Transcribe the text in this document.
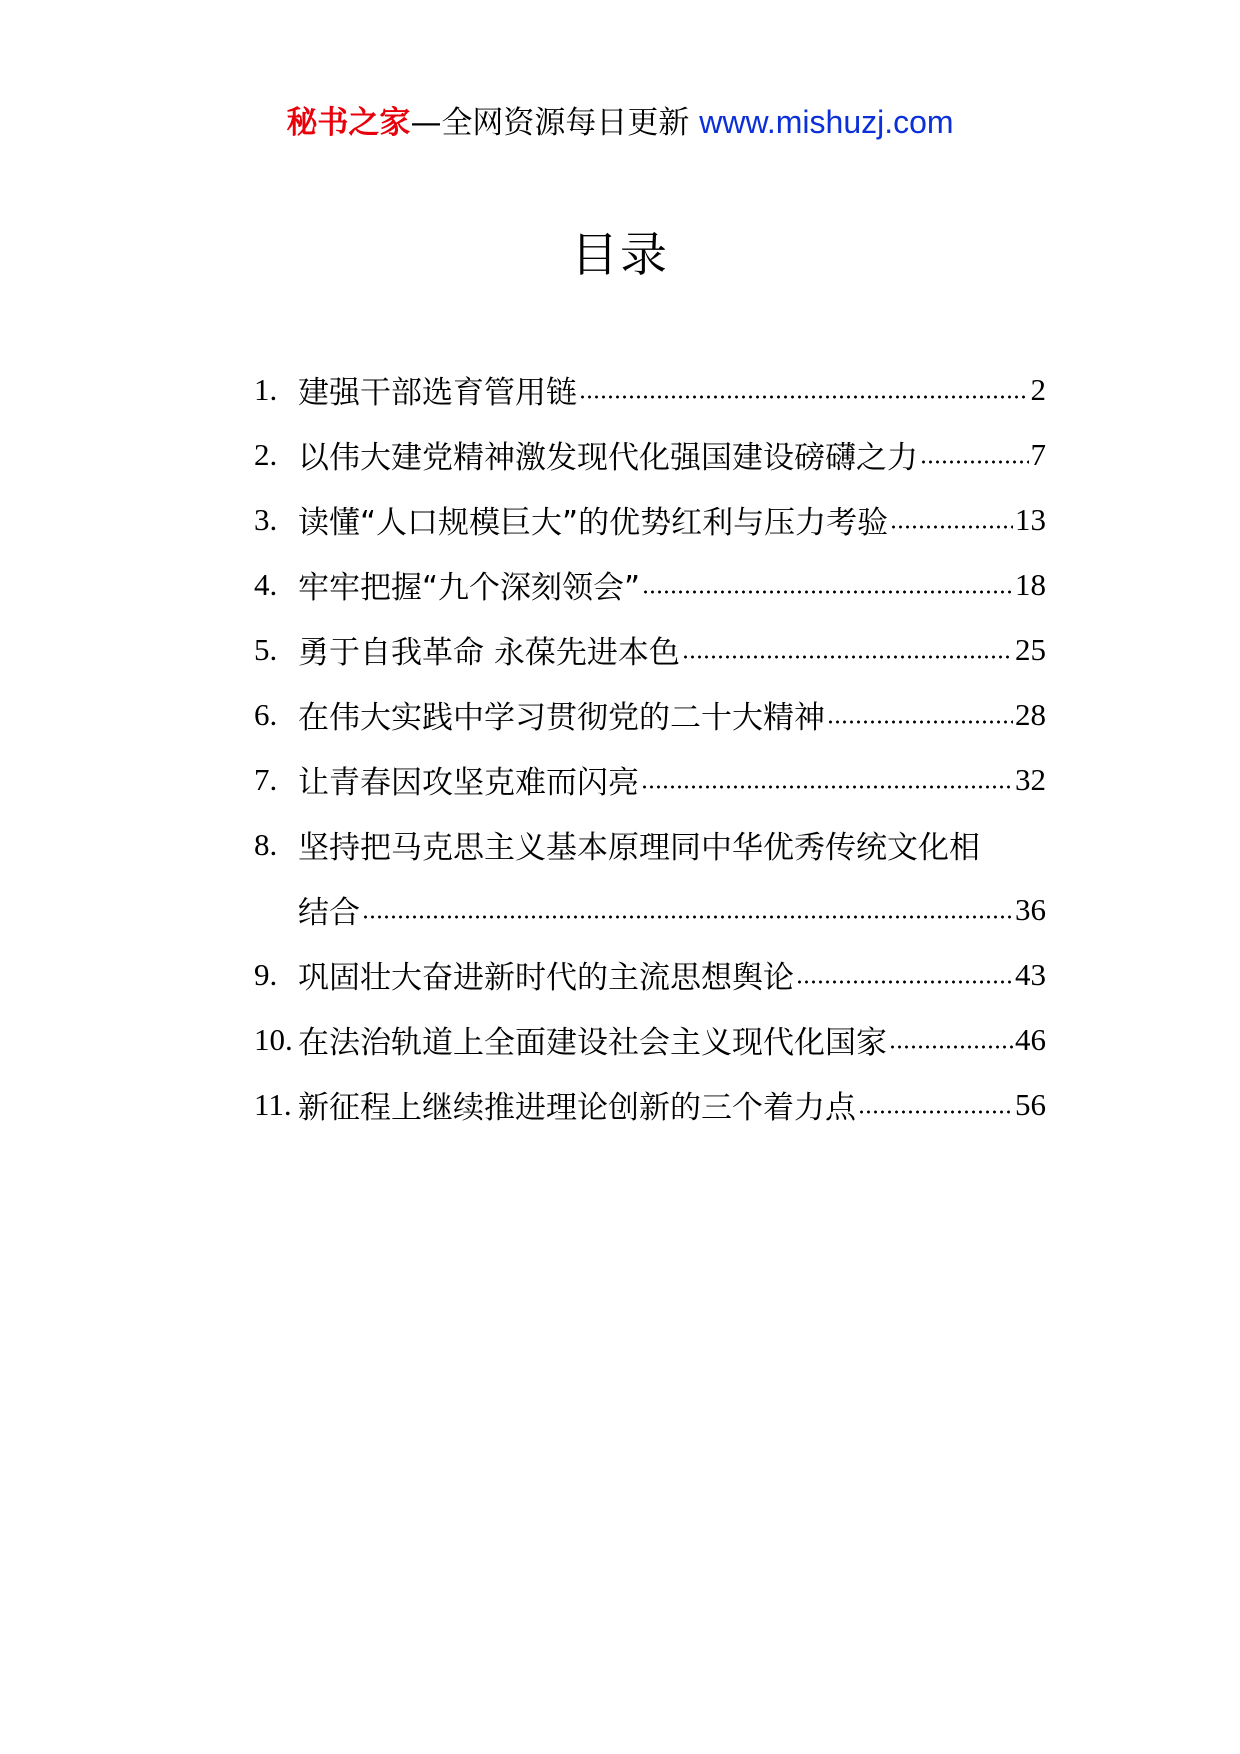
秘书之家—全网资源每日更新 www.mishuzj.com
目录
1. 建强干部选育管用链	2
2. 以伟大建党精神激发现代化强国建设磅礴之力	7
3. 读懂“人口规模巨大”的优势红利与压力考验	13
4. 牢牢把握“九个深刻领会”	18
5. 勇于自我革命 永葆先进本色	25
6. 在伟大实践中学习贯彻党的二十大精神	28
7. 让青春因攻坚克难而闪亮	32
8. 坚持把马克思主义基本原理同中华优秀传统文化相
结合	36
9. 巩固壮大奋进新时代的主流思想舆论	43
10. 在法治轨道上全面建设社会主义现代化国家	46
11. 新征程上继续推进理论创新的三个着力点	56
